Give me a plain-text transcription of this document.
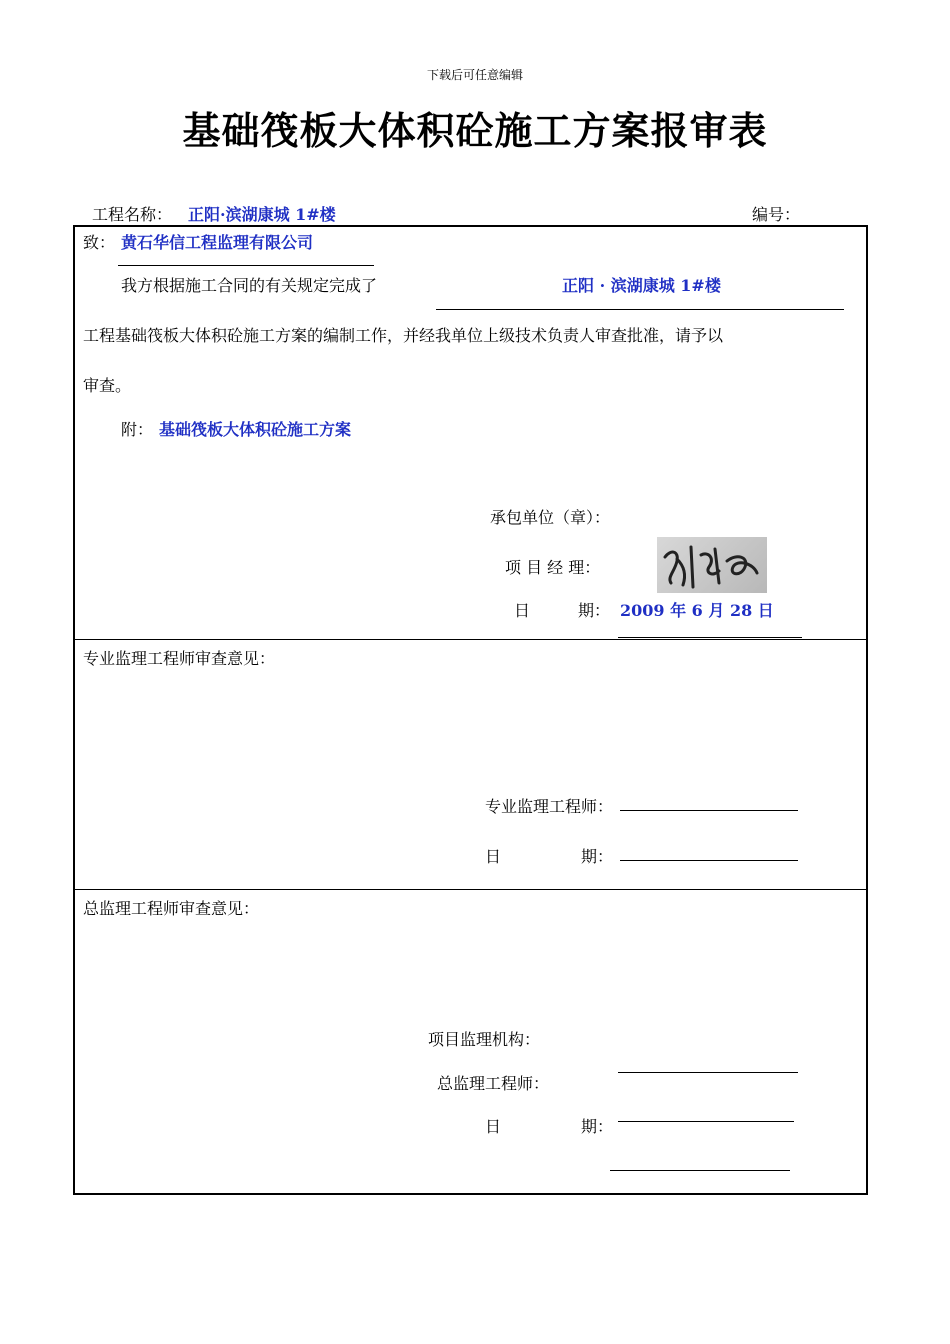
下载后可任意编辑
基础筏板大体积砼施工方案报审表
工程名称： 正阳·滨湖康城 1#楼	编号：
致： 黄石华信工程监理有限公司
我方根据施工合同的有关规定完成了	正阳 · 滨湖康城 1#楼
工程基础筏板大体积砼施工方案的编制工作，并经我单位上级技术负责人审查批准，请予以
审查。
附： 基础筏板大体积砼施工方案
承包单位（章）：
项 目 经 理：
日　　　期： 2009 年 6 月 28 日
专业监理工程师审查意见：
专业监理工程师：
日　　　　　期：
总监理工程师审查意见：
项目监理机构：
总监理工程师：
日　　　　　期：
